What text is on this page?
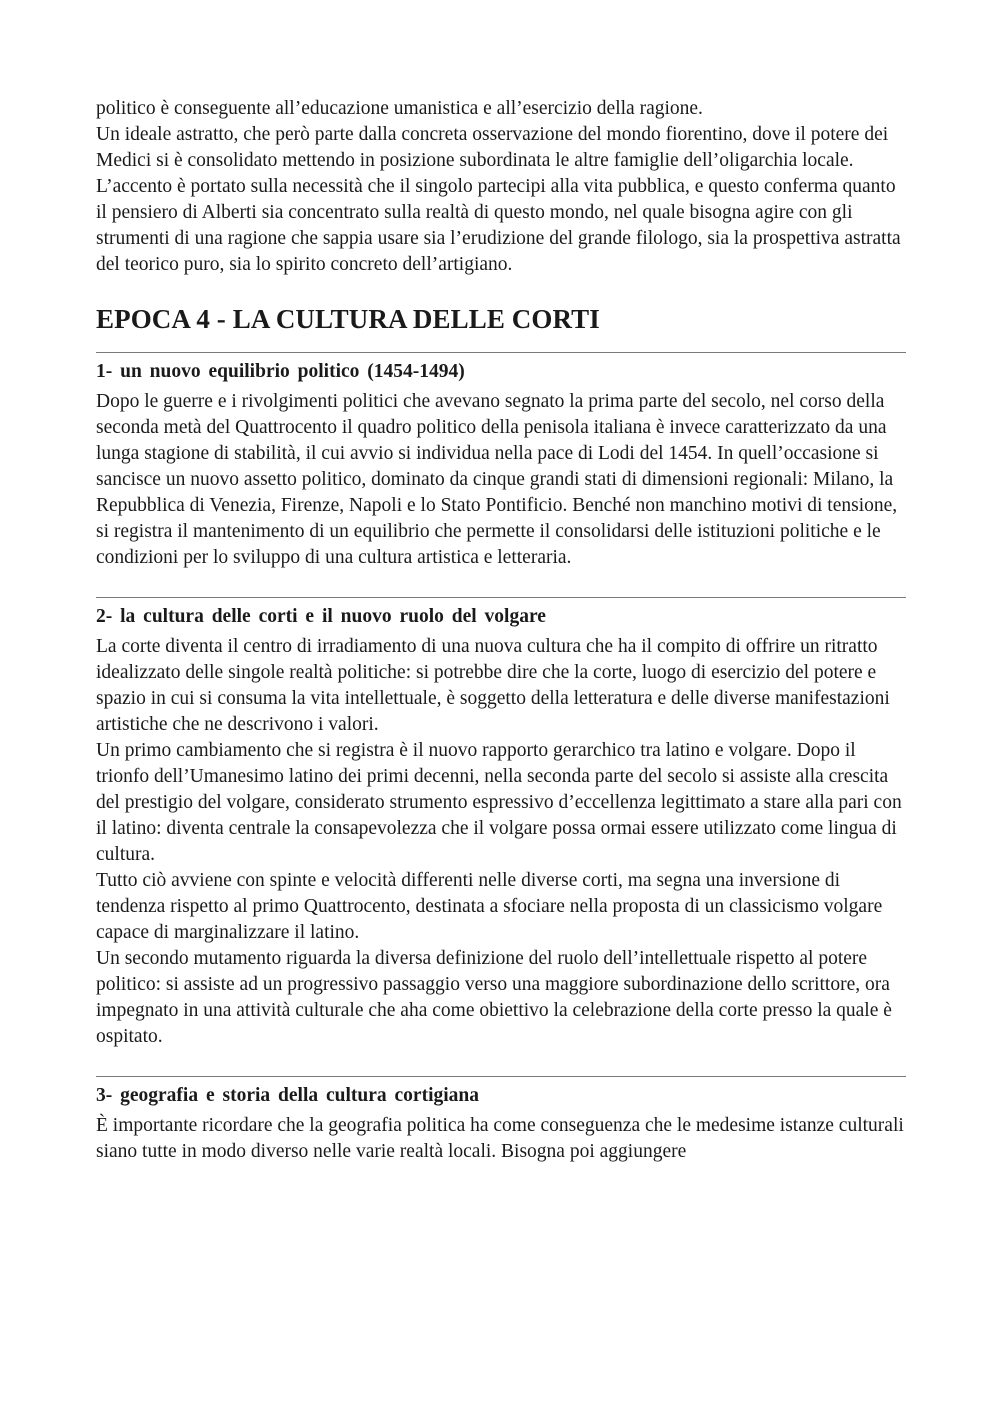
politico è conseguente all’educazione umanistica e all’esercizio della ragione.

Un ideale astratto, che però parte dalla concreta osservazione del mondo fiorentino, dove il potere dei Medici si è consolidato mettendo in posizione subordinata le altre famiglie dell’oligarchia locale. L’accento è portato sulla necessità che il singolo partecipi alla vita pubblica, e questo conferma quanto il pensiero di Alberti sia concentrato sulla realtà di questo mondo, nel quale bisogna agire con gli strumenti di una ragione che sappia usare sia l’erudizione del grande filologo, sia la prospettiva astratta del teorico puro, sia lo spirito concreto dell’artigiano.

EPOCA 4 - LA CULTURA DELLE CORTI
1- un nuovo equilibrio politico (1454-1494)

Dopo le guerre e i rivolgimenti politici che avevano segnato la prima parte del secolo, nel corso della seconda metà del Quattrocento il quadro politico della penisola italiana è invece caratterizzato da una lunga stagione di stabilità, il cui avvio si individua nella pace di Lodi del 1454. In quell’occasione si sancisce un nuovo assetto politico, dominato da cinque grandi stati di dimensioni regionali: Milano, la Repubblica di Venezia, Firenze, Napoli e lo Stato Pontificio. Benché non manchino motivi di tensione, si registra il mantenimento di un equilibrio che permette il consolidarsi delle istituzioni politiche e le condizioni per lo sviluppo di una cultura artistica e letteraria.

2- la cultura delle corti e il nuovo ruolo del volgare

La corte diventa il centro di irradiamento di una nuova cultura che ha il compito di offrire un ritratto idealizzato delle singole realtà politiche: si potrebbe dire che la corte, luogo di esercizio del potere e spazio in cui si consuma la vita intellettuale, è soggetto della letteratura e delle diverse manifestazioni artistiche che ne descrivono i valori.

Un primo cambiamento che si registra è il nuovo rapporto gerarchico tra latino e volgare. Dopo il trionfo dell’Umanesimo latino dei primi decenni, nella seconda parte del secolo si assiste alla crescita del prestigio del volgare, considerato strumento espressivo d’eccellenza legittimato a stare alla pari con il latino: diventa centrale la consapevolezza che il volgare possa ormai essere utilizzato come lingua di cultura.

Tutto ciò avviene con spinte e velocità differenti nelle diverse corti, ma segna una inversione di tendenza rispetto al primo Quattrocento, destinata a sfociare nella proposta di un classicismo volgare capace di marginalizzare il latino.

Un secondo mutamento riguarda la diversa definizione del ruolo dell’intellettuale rispetto al potere politico: si assiste ad un progressivo passaggio verso una maggiore subordinazione dello scrittore, ora impegnato in una attività culturale che aha come obiettivo la celebrazione della corte presso la quale è ospitato.

3- geografia e storia della cultura cortigiana

È importante ricordare che la geografia politica ha come conseguenza che le medesime istanze culturali siano tutte in modo diverso nelle varie realtà locali. Bisogna poi aggiungere
